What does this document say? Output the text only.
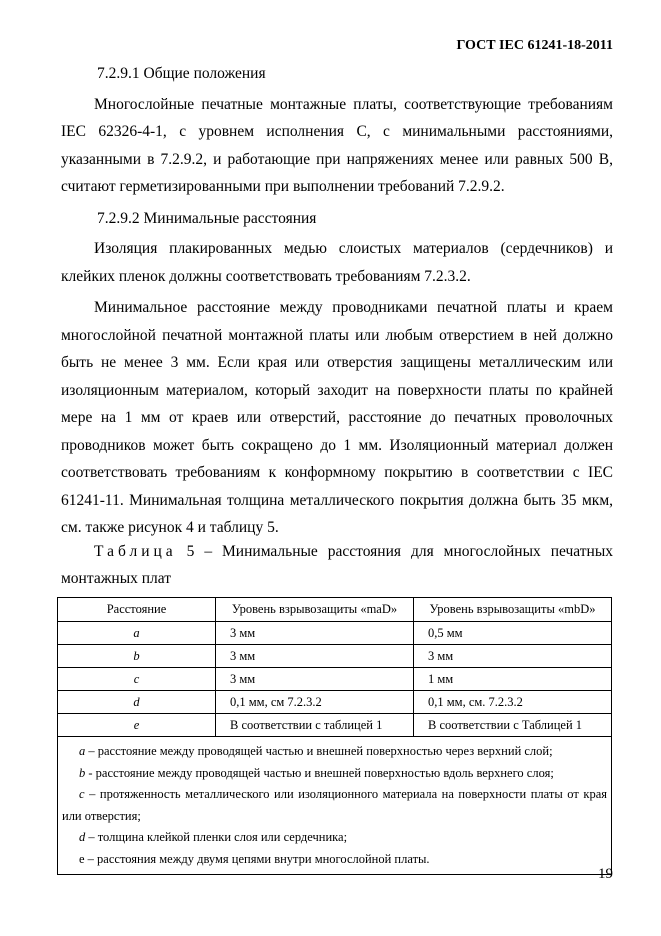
ГОСТ IEC 61241-18-2011

7.2.9.1 Общие положения

Многослойные печатные монтажные платы, соответствующие требованиям IEC 62326-4-1, с уровнем исполнения С, с минимальными расстояниями, указанными в 7.2.9.2, и работающие при напряжениях менее или равных 500 В, считают герметизированными при выполнении требований 7.2.9.2.

7.2.9.2 Минимальные расстояния

Изоляция плакированных медью слоистых материалов (сердечников) и клейких пленок должны соответствовать требованиям 7.2.3.2.

Минимальное расстояние между проводниками печатной платы и краем многослойной печатной монтажной платы или любым отверстием в ней должно быть не менее 3 мм. Если края или отверстия защищены металлическим или изоляционным материалом, который заходит на поверхности платы по крайней мере на 1 мм от краев или отверстий, расстояние до печатных проволочных проводников может быть сокращено до 1 мм. Изоляционный материал должен соответствовать требованиям к конформному покрытию в соответствии с IEC 61241-11. Минимальная толщина металлического покрытия должна быть 35 мкм, см. также рисунок 4 и таблицу 5.

Таблица 5 – Минимальные расстояния для многослойных печатных монтажных плат
Расстояние	Уровень взрывозащиты «maD»	Уровень взрывозащиты «mbD»
a	3 мм	0,5 мм
b	3 мм	3 мм
c	3 мм	1 мм
d	0,1 мм, см 7.2.3.2	0,1 мм, см. 7.2.3.2
e	В соответствии с таблицей 1	В соответствии с Таблицей 1

a – расстояние между проводящей частью и внешней поверхностью через верхний слой;
b - расстояние между проводящей частью и внешней поверхностью вдоль верхнего слоя;
c – протяженность металлического или изоляционного материала на поверхности платы от края или отверстия;
d – толщина клейкой пленки слоя или сердечника;
е – расстояния между двумя цепями внутри многослойной платы.		
19
